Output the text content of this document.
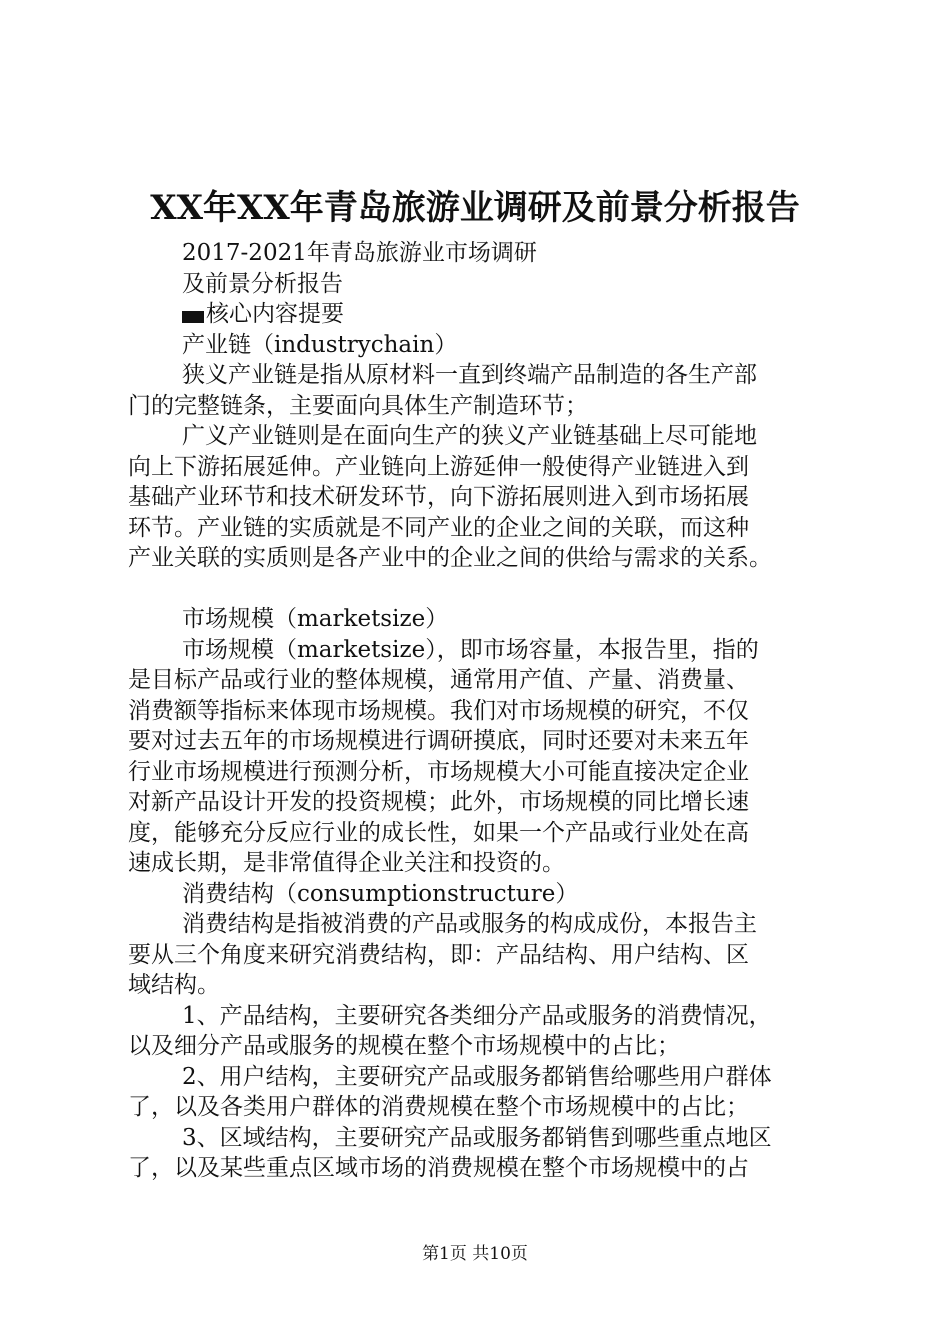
XX年XX年青岛旅游业调研及前景分析报告
2017-2021年青岛旅游业市场调研
及前景分析报告
核心内容提要
产业链（industrychain）
狭义产业链是指从原材料一直到终端产品制造的各生产部
门的完整链条，主要面向具体生产制造环节；
广义产业链则是在面向生产的狭义产业链基础上尽可能地
向上下游拓展延伸。产业链向上游延伸一般使得产业链进入到
基础产业环节和技术研发环节，向下游拓展则进入到市场拓展
环节。产业链的实质就是不同产业的企业之间的关联，而这种
产业关联的实质则是各产业中的企业之间的供给与需求的关系。
市场规模（marketsize）
市场规模（marketsize），即市场容量，本报告里，指的
是目标产品或行业的整体规模，通常用产值、产量、消费量、
消费额等指标来体现市场规模。我们对市场规模的研究，不仅
要对过去五年的市场规模进行调研摸底，同时还要对未来五年
行业市场规模进行预测分析，市场规模大小可能直接决定企业
对新产品设计开发的投资规模；此外，市场规模的同比增长速
度，能够充分反应行业的成长性，如果一个产品或行业处在高
速成长期，是非常值得企业关注和投资的。
消费结构（consumptionstructure）
消费结构是指被消费的产品或服务的构成成份，本报告主
要从三个角度来研究消费结构，即：产品结构、用户结构、区
域结构。
1、产品结构，主要研究各类细分产品或服务的消费情况，
以及细分产品或服务的规模在整个市场规模中的占比；
2、用户结构，主要研究产品或服务都销售给哪些用户群体
了，以及各类用户群体的消费规模在整个市场规模中的占比；
3、区域结构，主要研究产品或服务都销售到哪些重点地区
了，以及某些重点区域市场的消费规模在整个市场规模中的占
第1页 共10页
